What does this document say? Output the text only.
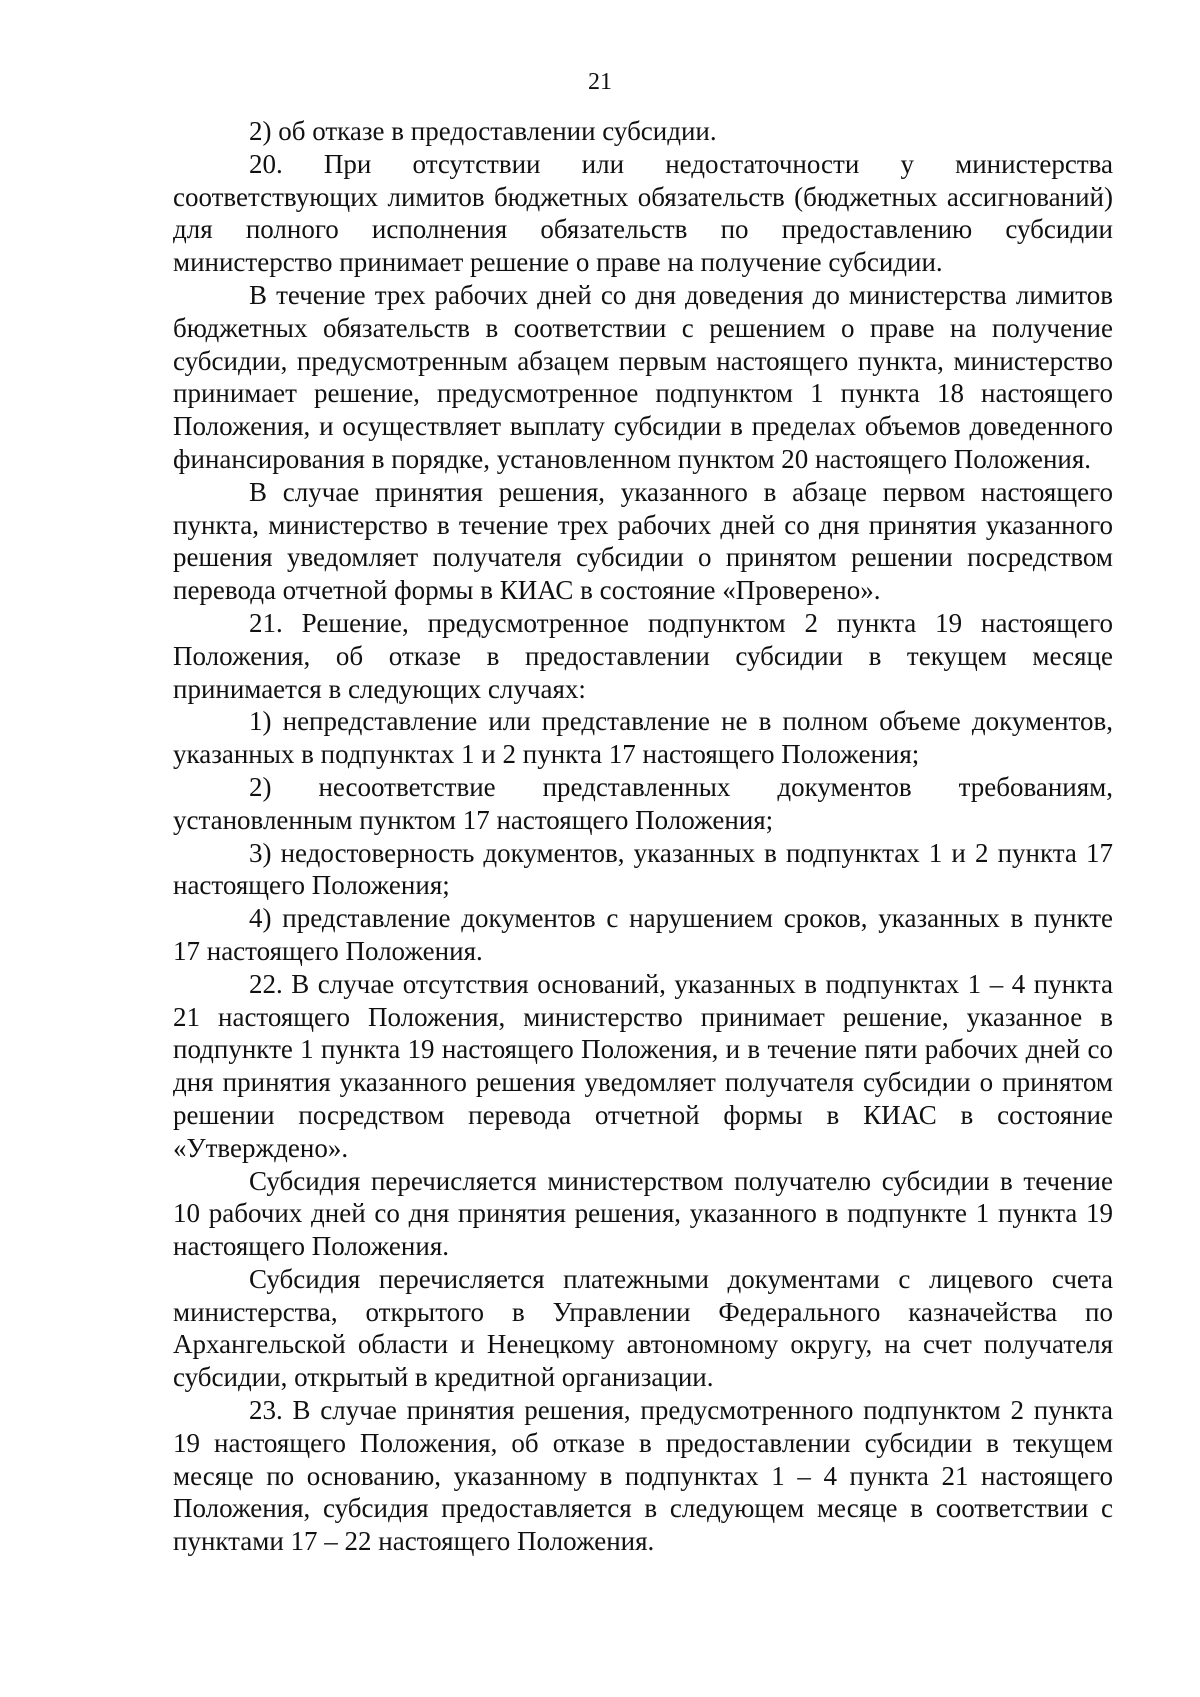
21

2) об отказе в предоставлении субсидии.

20. При отсутствии или недостаточности у министерства соответствующих лимитов бюджетных обязательств (бюджетных ассигнований) для полного исполнения обязательств по предоставлению субсидии министерство принимает решение о праве на получение субсидии.

В течение трех рабочих дней со дня доведения до министерства лимитов бюджетных обязательств в соответствии с решением о праве на получение субсидии, предусмотренным абзацем первым настоящего пункта, министерство принимает решение, предусмотренное подпунктом 1 пункта 18 настоящего Положения, и осуществляет выплату субсидии в пределах объемов доведенного финансирования в порядке, установленном пунктом 20 настоящего Положения.

В случае принятия решения, указанного в абзаце первом настоящего пункта, министерство в течение трех рабочих дней со дня принятия указанного решения уведомляет получателя субсидии о принятом решении посредством перевода отчетной формы в КИАС в состояние «Проверено».

21. Решение, предусмотренное подпунктом 2 пункта 19 настоящего Положения, об отказе в предоставлении субсидии в текущем месяце принимается в следующих случаях:

1) непредставление или представление не в полном объеме документов, указанных в подпунктах 1 и 2 пункта 17 настоящего Положения;

2) несоответствие представленных документов требованиям, установленным пунктом 17 настоящего Положения;

3) недостоверность документов, указанных в подпунктах 1 и 2 пункта 17 настоящего Положения;

4) представление документов с нарушением сроков, указанных в пункте 17 настоящего Положения.

22. В случае отсутствия оснований, указанных в подпунктах 1 – 4 пункта 21 настоящего Положения, министерство принимает решение, указанное в подпункте 1 пункта 19 настоящего Положения, и в течение пяти рабочих дней со дня принятия указанного решения уведомляет получателя субсидии о принятом решении посредством перевода отчетной формы в КИАС в состояние «Утверждено».

Субсидия перечисляется министерством получателю субсидии в течение 10 рабочих дней со дня принятия решения, указанного в подпункте 1 пункта 19 настоящего Положения.

Субсидия перечисляется платежными документами с лицевого счета министерства, открытого в Управлении Федерального казначейства по Архангельской области и Ненецкому автономному округу, на счет получателя субсидии, открытый в кредитной организации.

23. В случае принятия решения, предусмотренного подпунктом 2 пункта 19 настоящего Положения, об отказе в предоставлении субсидии в текущем месяце по основанию, указанному в подпунктах 1 – 4 пункта 21 настоящего Положения, субсидия предоставляется в следующем месяце в соответствии с пунктами 17 – 22 настоящего Положения.
